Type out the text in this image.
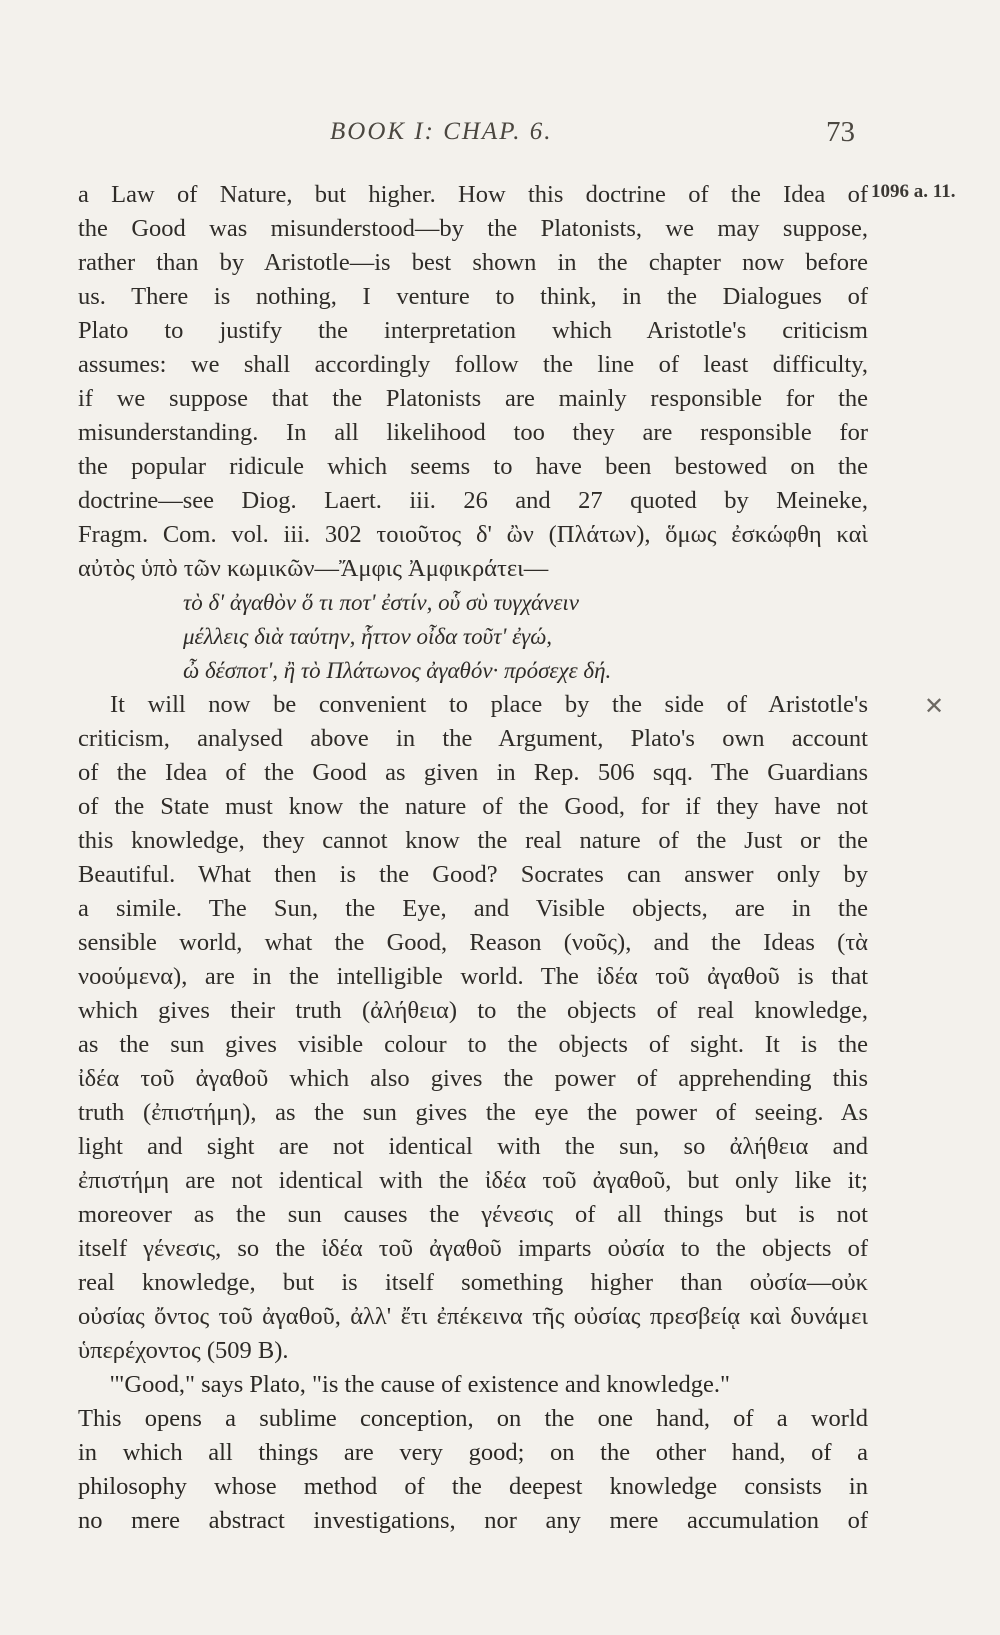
BOOK I: CHAP. 6.	73
1096 a. 11.
✕
a Law of Nature, but higher. How this doctrine of the Idea of
the Good was misunderstood—by the Platonists, we may suppose,
rather than by Aristotle—is best shown in the chapter now before
us. There is nothing, I venture to think, in the Dialogues of
Plato to justify the interpretation which Aristotle's criticism
assumes: we shall accordingly follow the line of least difficulty,
if we suppose that the Platonists are mainly responsible for the
misunderstanding. In all likelihood too they are responsible for
the popular ridicule which seems to have been bestowed on the
doctrine—see Diog. Laert. iii. 26 and 27 quoted by Meineke,
Fragm. Com. vol. iii. 302 τοιοῦτος δ' ὢν (Πλάτων), ὅμως ἐσκώφθη καὶ
αὐτὸς ὑπὸ τῶν κωμικῶν—Ἄμφις Ἀμφικράτει—
τὸ δ' ἀγαθὸν ὅ τι ποτ' ἐστίν, οὗ σὺ τυγχάνειν
μέλλεις διὰ ταύτην, ἧττον οἶδα τοῦτ' ἐγώ,
ὦ δέσποτ', ἢ τὸ Πλάτωνος ἀγαθόν· πρόσεχε δή.
It will now be convenient to place by the side of Aristotle's
criticism, analysed above in the Argument, Plato's own account
of the Idea of the Good as given in Rep. 506 sqq. The Guardians
of the State must know the nature of the Good, for if they have not
this knowledge, they cannot know the real nature of the Just or the
Beautiful. What then is the Good? Socrates can answer only by
a simile. The Sun, the Eye, and Visible objects, are in the
sensible world, what the Good, Reason (νοῦς), and the Ideas (τὰ
νοούμενα), are in the intelligible world. The ἰδέα τοῦ ἀγαθοῦ is that
which gives their truth (ἀλήθεια) to the objects of real knowledge,
as the sun gives visible colour to the objects of sight. It is the
ἰδέα τοῦ ἀγαθοῦ which also gives the power of apprehending this
truth (ἐπιστήμη), as the sun gives the eye the power of seeing. As
light and sight are not identical with the sun, so ἀλήθεια and
ἐπιστήμη are not identical with the ἰδέα τοῦ ἀγαθοῦ, but only like it;
moreover as the sun causes the γένεσις of all things but is not
itself γένεσις, so the ἰδέα τοῦ ἀγαθοῦ imparts οὐσία to the objects of
real knowledge, but is itself something higher than οὐσία—οὐκ
οὐσίας ὄντος τοῦ ἀγαθοῦ, ἀλλ' ἔτι ἐπέκεινα τῆς οὐσίας πρεσβείᾳ καὶ δυνάμει
ὑπερέχοντος (509 B).
'"Good," says Plato, "is the cause of existence and knowledge."
This opens a sublime conception, on the one hand, of a world
in which all things are very good; on the other hand, of a
philosophy whose method of the deepest knowledge consists in
no mere abstract investigations, nor any mere accumulation of
